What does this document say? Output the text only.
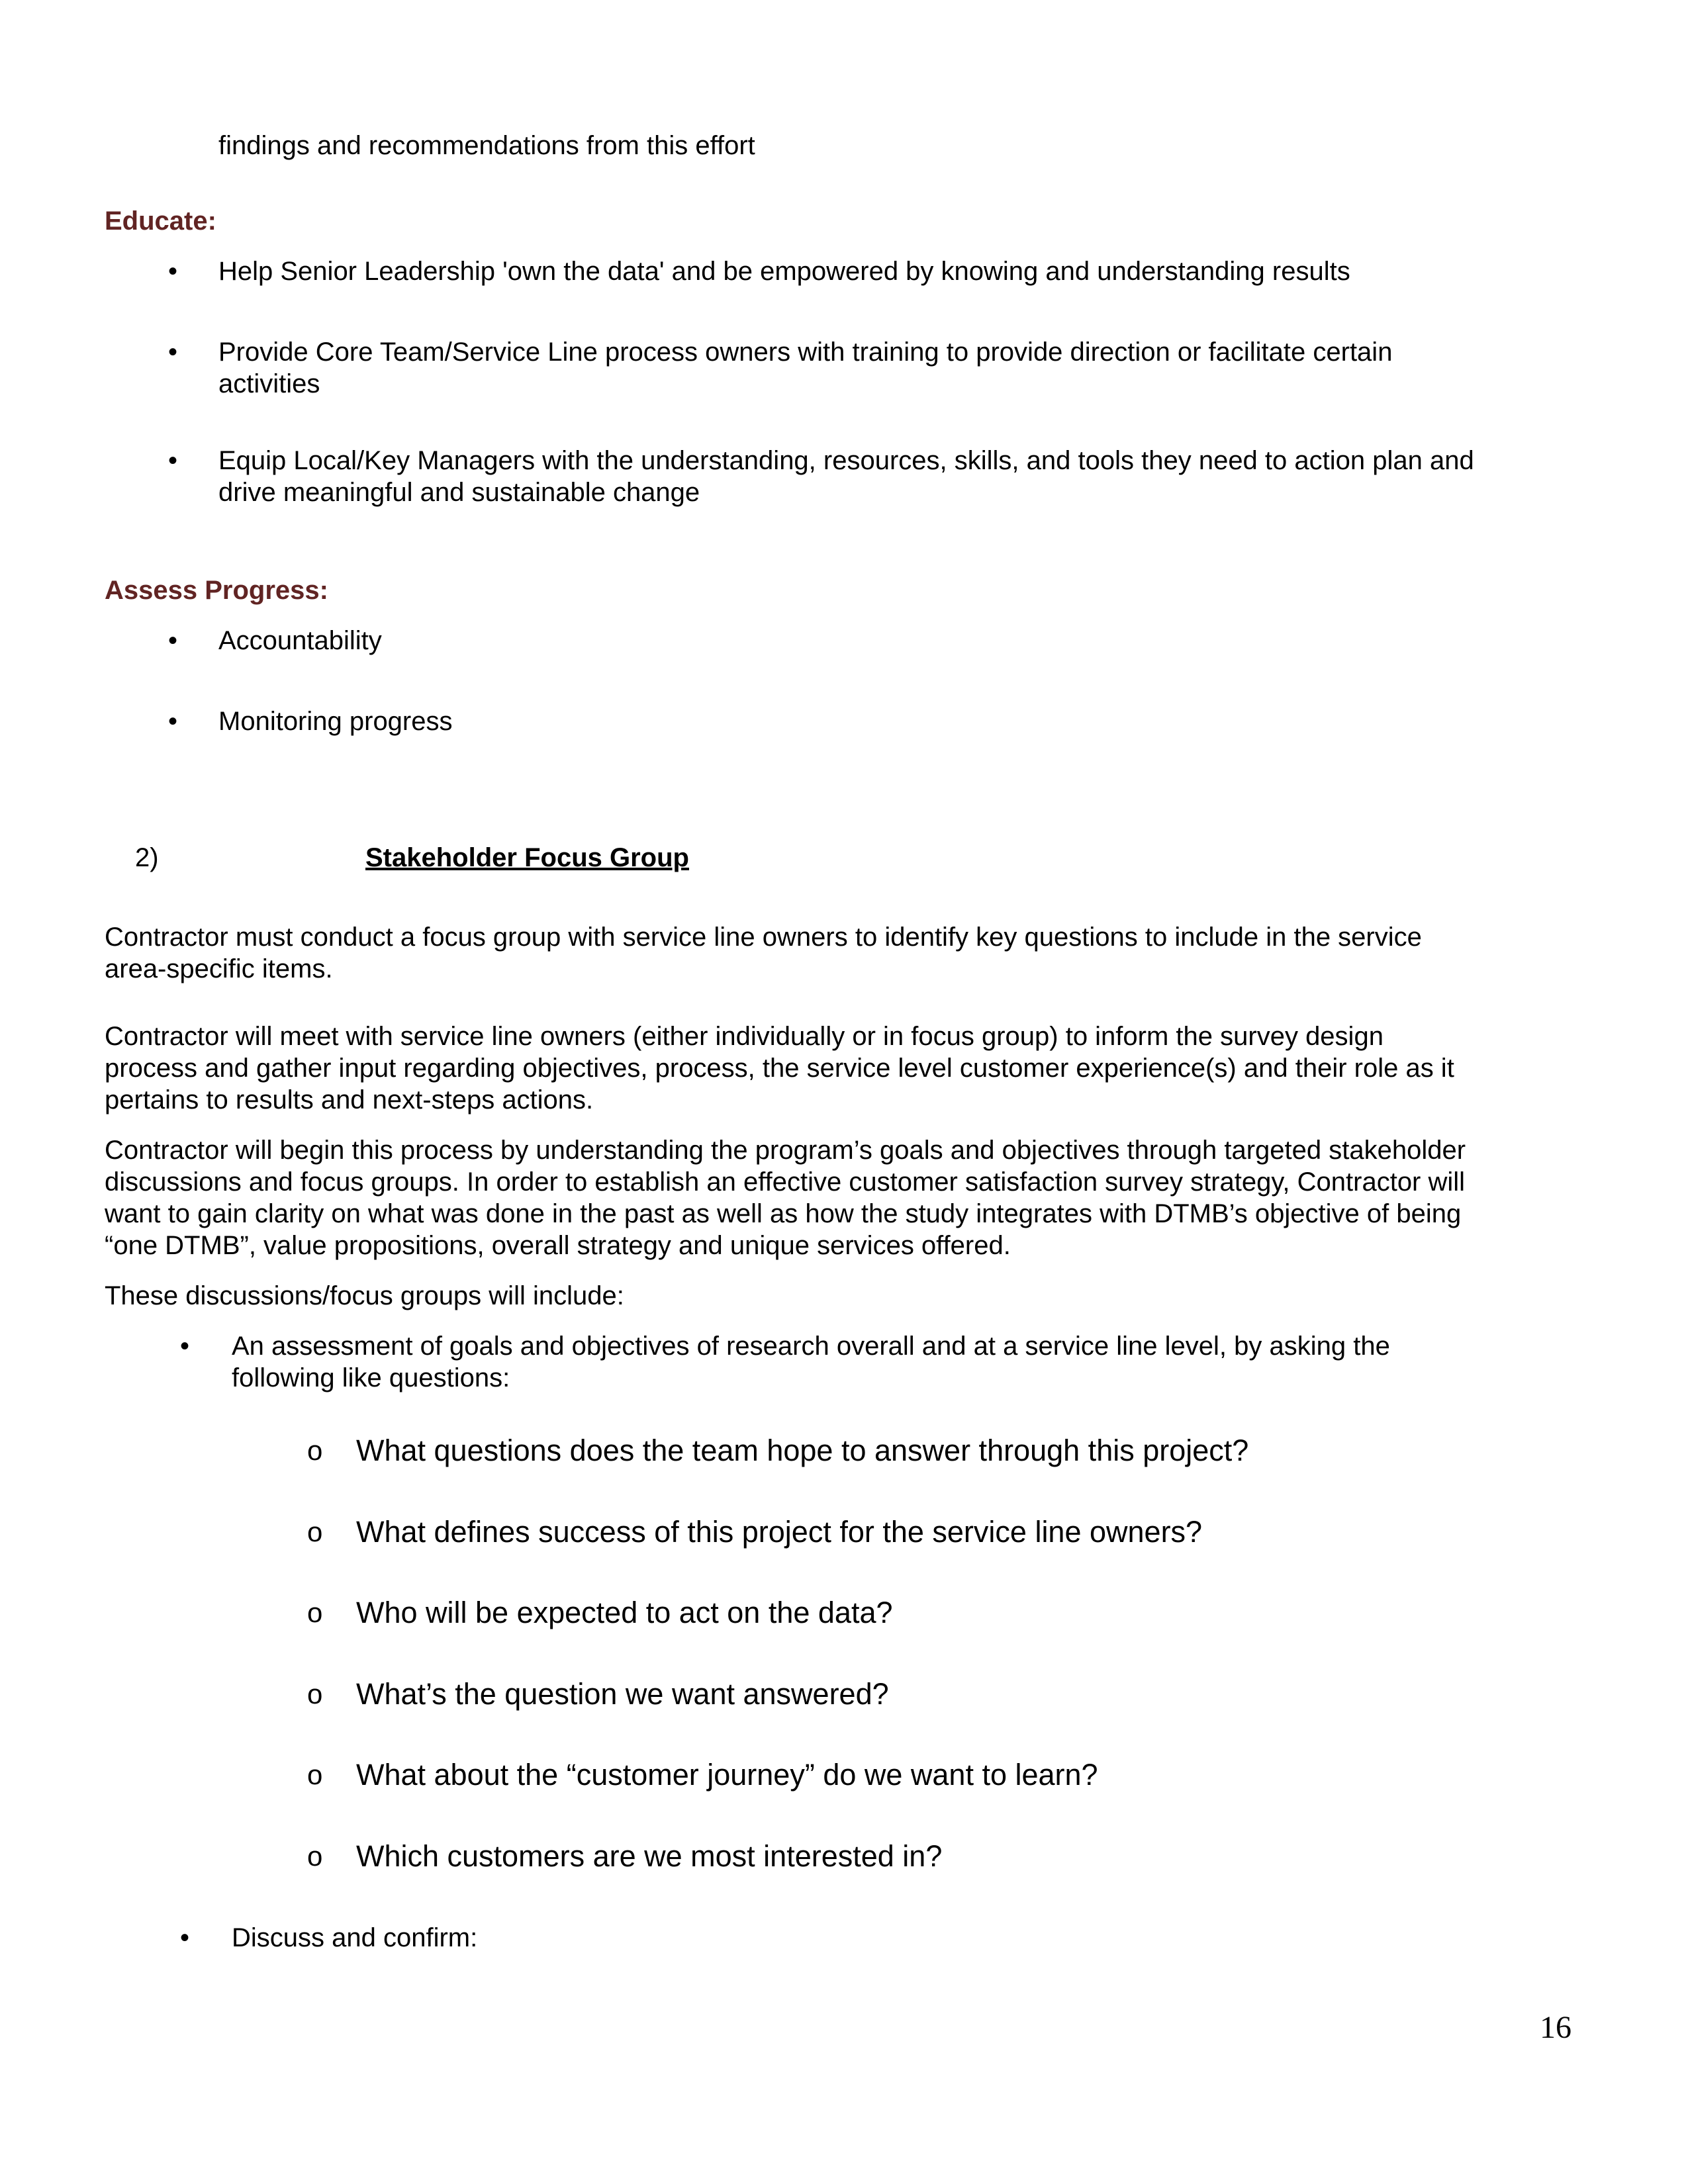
findings and recommendations from this effort
Educate:
• Help Senior Leadership 'own the data' and be empowered by knowing and understanding results
• Provide Core Team/Service Line process owners with training to provide direction or facilitate certain
activities
• Equip Local/Key Managers with the understanding, resources, skills, and tools they need to action plan and
drive meaningful and sustainable change
Assess Progress:
• Accountability
• Monitoring progress
2)	Stakeholder Focus Group
Contractor must conduct a focus group with service line owners to identify key questions to include in the service
area-specific items.
Contractor will meet with service line owners (either individually or in focus group) to inform the survey design
process and gather input regarding objectives, process, the service level customer experience(s) and their role as it
pertains to results and next-steps actions.
Contractor will begin this process by understanding the program’s goals and objectives through targeted stakeholder
discussions and focus groups. In order to establish an effective customer satisfaction survey strategy, Contractor will
want to gain clarity on what was done in the past as well as how the study integrates with DTMB’s objective of being
“one DTMB”, value propositions, overall strategy and unique services offered.
These discussions/focus groups will include:
• An assessment of goals and objectives of research overall and at a service line level, by asking the
following like questions:
o What questions does the team hope to answer through this project?
o What defines success of this project for the service line owners?
o Who will be expected to act on the data?
o What’s the question we want answered?
o What about the “customer journey” do we want to learn?
o Which customers are we most interested in?
• Discuss and confirm:
16
